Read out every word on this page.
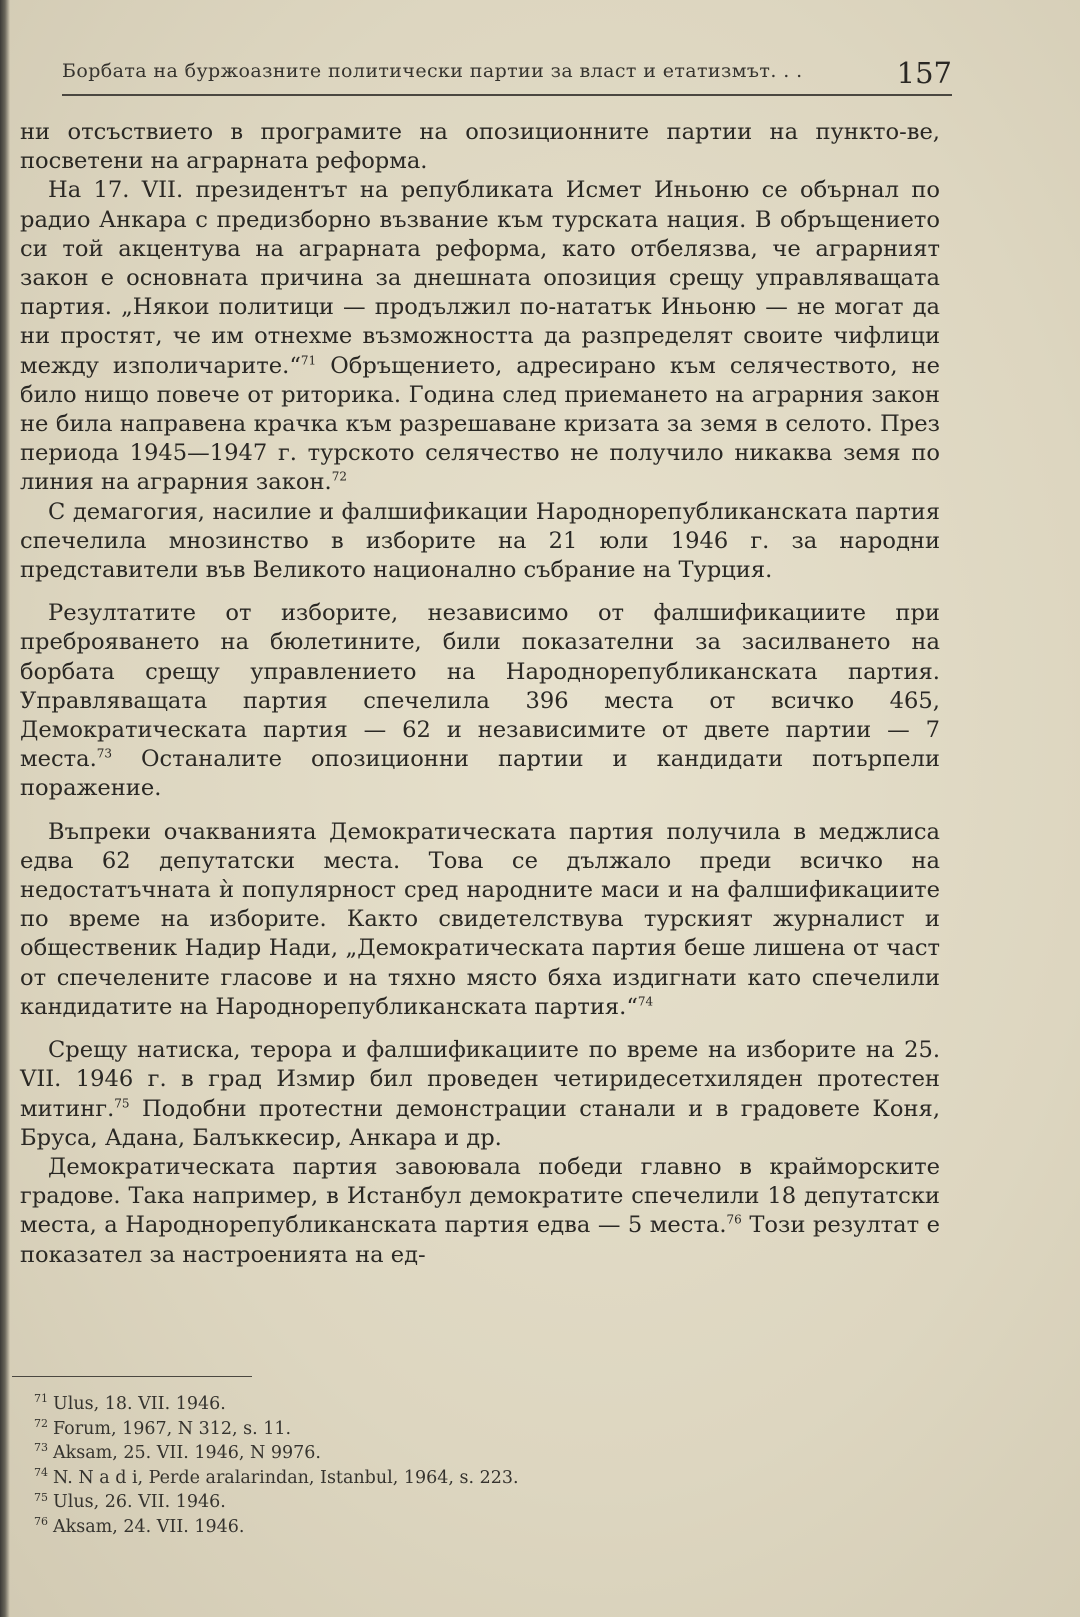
Борбата на буржоазните политически партии за власт и етатизмът. . .	157

ни отсъствието в програмите на опозиционните партии на пункто-ве, посветени на аграрната реформа.

На 17. VII. президентът на републиката Исмет Иньоню се обърнал по радио Анкара с предизборно възвание към турската нация. В обръщението си той акцентува на аграрната реформа, като отбелязва, че аграрният закон е основната причина за днешната опозиция срещу управляващата партия. „Някои политици — продължил по-нататък Иньоню — не могат да ни простят, че им отнехме възможността да разпределят своите чифлици между изполичарите.“$^{71}$ Обръщението, адресирано към селячеството, не било нищо повече от риторика. Година след приемането на аграрния закон не била направена крачка към разрешаване кризата за земя в селото. През периода 1945—1947 г. турското селячество не получило никаква земя по линия на аграрния закон.$^{72}$

С демагогия, насилие и фалшификации Народнорепубликанската партия спечелила мнозинство в изборите на 21 юли 1946 г. за народни представители във Великото национално събрание на Турция.

Резултатите от изборите, независимо от фалшификациите при преброяването на бюлетините, били показателни за засилването на борбата срещу управлението на Народнорепубликанската партия. Управляващата партия спечелила 396 места от всичко 465, Демократическата партия — 62 и независимите от двете партии — 7 места.$^{73}$ Останалите опозиционни партии и кандидати потърпели поражение.

Въпреки очакванията Демократическата партия получила в меджлиса едва 62 депутатски места. Това се дължало преди всичко на недостатъчната ѝ популярност сред народните маси и на фалшификациите по време на изборите. Както свидетелствува турският журналист и общественик Надир Нади, „Демократическата партия беше лишена от част от спечелените гласове и на тяхно място бяха издигнати като спечелили кандидатите на Народнорепубликанската партия.“$^{74}$

Срещу натиска, терора и фалшификациите по време на изборите на 25. VII. 1946 г. в град Измир бил проведен четиридесетхиляден протестен митинг.$^{75}$ Подобни протестни демонстрации станали и в градовете Коня, Бруса, Адана, Балъккесир, Анкара и др.

Демократическата партия завоювала победи главно в крайморските градове. Така например, в Истанбул демократите спечелили 18 депутатски места, а Народнорепубликанската партия едва — 5 места.$^{76}$ Този резултат е показател за настроенията на ед-

$^{71}$ Ulus, 18. VII. 1946.
$^{72}$ Forum, 1967, N 312, s. 11.
$^{73}$ Aksam, 25. VII. 1946, N 9976.
$^{74}$ N. N a d i, Perde aralarindan, Istanbul, 1964, s. 223.
$^{75}$ Ulus, 26. VII. 1946.
$^{76}$ Aksam, 24. VII. 1946.
